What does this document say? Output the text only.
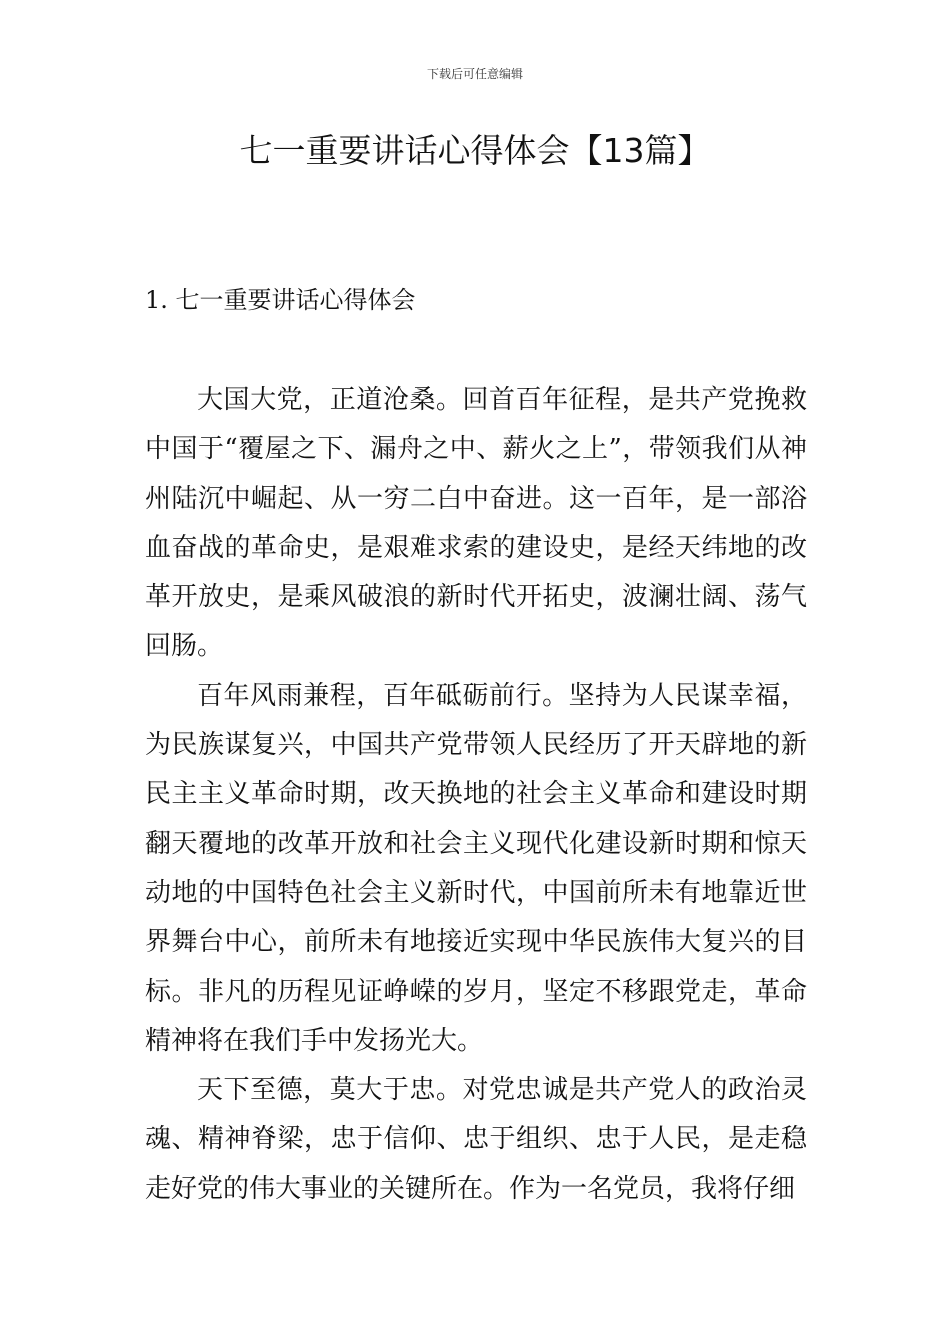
下载后可任意编辑
七一重要讲话心得体会【13篇】
1. 七一重要讲话心得体会

大国大党，正道沧桑。回首百年征程，是共产党挽救中国于“覆屋之下、漏舟之中、薪火之上”，带领我们从神州陆沉中崛起、从一穷二白中奋进。这一百年，是一部浴血奋战的革命史，是艰难求索的建设史，是经天纬地的改革开放史，是乘风破浪的新时代开拓史，波澜壮阔、荡气回肠。

百年风雨兼程，百年砥砺前行。坚持为人民谋幸福，为民族谋复兴，中国共产党带领人民经历了开天辟地的新民主主义革命时期，改天换地的社会主义革命和建设时期翻天覆地的改革开放和社会主义现代化建设新时期和惊天动地的中国特色社会主义新时代，中国前所未有地靠近世界舞台中心，前所未有地接近实现中华民族伟大复兴的目标。非凡的历程见证峥嵘的岁月，坚定不移跟党走，革命精神将在我们手中发扬光大。

天下至德，莫大于忠。对党忠诚是共产党人的政治灵魂、精神脊梁，忠于信仰、忠于组织、忠于人民，是走稳走好党的伟大事业的关键所在。作为一名党员，我将仔细
